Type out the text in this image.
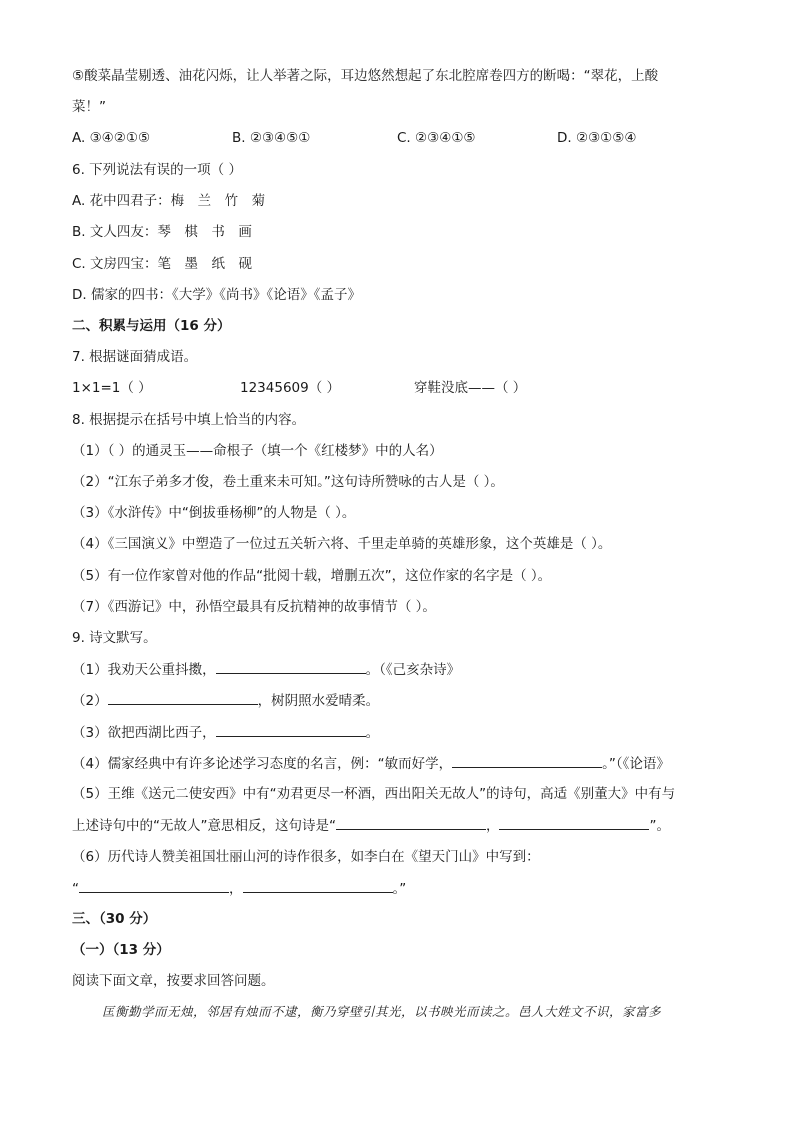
⑤酸菜晶莹剔透、油花闪烁，让人举著之际，耳边悠然想起了东北腔席卷四方的断喝：“翠花，上酸
菜！”
A. ③④②①⑤	B. ②③④⑤①	C. ②③④①⑤	D. ②③①⑤④
6. 下列说法有误的一项（ ）
A. 花中四君子：梅　兰　竹　菊
B. 文人四友：琴　棋　书　画
C. 文房四宝：笔　墨　纸　砚
D. 儒家的四书：《大学》《尚书》《论语》《孟子》
二、积累与运用（16 分）
7. 根据谜面猜成语。
1×1=1（ ）	12345609（ ）	穿鞋没底——（ ）
8. 根据提示在括号中填上恰当的内容。
（1）（ ）的通灵玉——命根子（填一个《红楼梦》中的人名）
（2）“江东子弟多才俊，卷土重来未可知。”这句诗所赞咏的古人是（ ）。
（3）《水浒传》中“倒拔垂杨柳”的人物是（ ）。
（4）《三国演义》中塑造了一位过五关斩六将、千里走单骑的英雄形象，这个英雄是（ ）。
（5）有一位作家曾对他的作品“批阅十载，增删五次”，这位作家的名字是（ ）。
（7）《西游记》中，孙悟空最具有反抗精神的故事情节（ ）。
9. 诗文默写。
（1）我劝天公重抖擞，	。（《己亥杂诗》
（2）	，树阴照水爱晴柔。
（3）欲把西湖比西子，	。
（4）儒家经典中有许多论述学习态度的名言，例：“敏而好学，	。”（《论语》
（5）王维《送元二使安西》中有“劝君更尽一杯酒，西出阳关无故人”的诗句，高适《别董大》中有与
上述诗句中的“无故人”意思相反，这句诗是“	，	”。
（6）历代诗人赞美祖国壮丽山河的诗作很多，如李白在《望天门山》中写到：
“	，	。”
三、（30 分）
（一）（13 分）
阅读下面文章，按要求回答问题。
匡衡勤学而无烛，邻居有烛而不逮，衡乃穿壁引其光，以书映光而读之。邑人大姓文不识，家富多
